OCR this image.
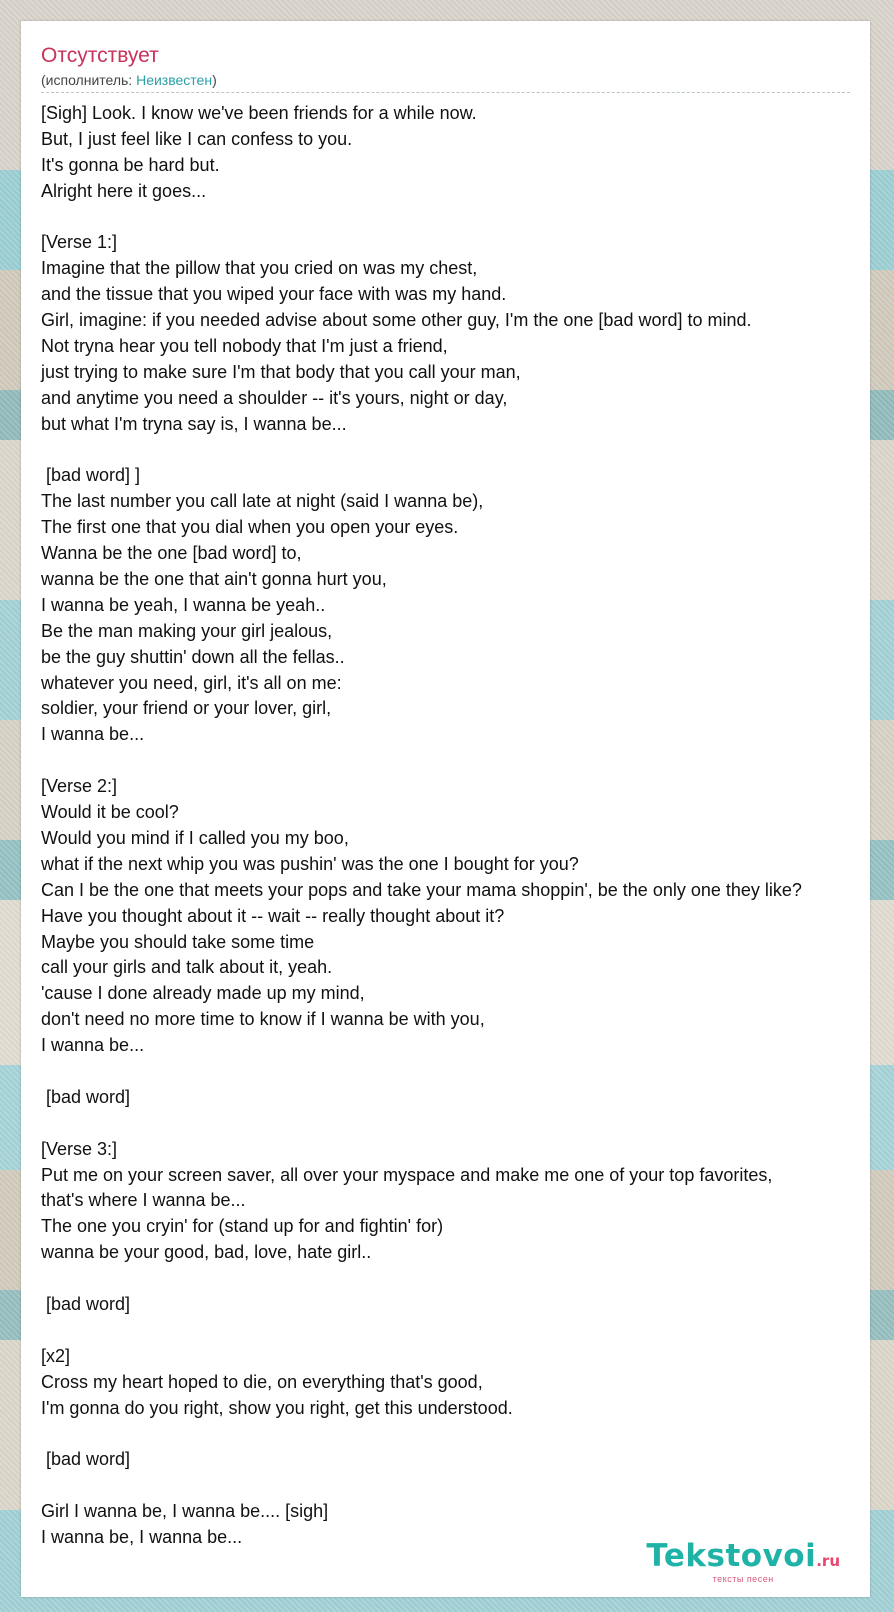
Отсутствует
(исполнитель: Неизвестен)
[Sigh] Look. I know we've been friends for a while now.
But, I just feel like I can confess to you.
It's gonna be hard but.
Alright here it goes...
[Verse 1:]
Imagine that the pillow that you cried on was my chest,
and the tissue that you wiped your face with was my hand.
Girl, imagine: if you needed advise about some other guy, I'm the one [bad word] to mind.
Not tryna hear you tell nobody that I'm just a friend,
just trying to make sure I'm that body that you call your man,
and anytime you need a shoulder -- it's yours, night or day,
but what I'm tryna say is, I wanna be...
[bad word] ]
The last number you call late at night (said I wanna be),
The first one that you dial when you open your eyes.
Wanna be the one [bad word] to,
wanna be the one that ain't gonna hurt you,
I wanna be yeah, I wanna be yeah..
Be the man making your girl jealous,
be the guy shuttin' down all the fellas..
whatever you need, girl, it's all on me:
soldier, your friend or your lover, girl,
I wanna be...
[Verse 2:]
Would it be cool?
Would you mind if I called you my boo,
what if the next whip you was pushin' was the one I bought for you?
Can I be the one that meets your pops and take your mama shoppin', be the only one they like?
Have you thought about it -- wait -- really thought about it?
Maybe you should take some time
call your girls and talk about it, yeah.
'cause I done already made up my mind,
don't need no more time to know if I wanna be with you,
I wanna be...
[bad word]
[Verse 3:]
Put me on your screen saver, all over your myspace and make me one of your top favorites,
that's where I wanna be...
The one you cryin' for (stand up for and fightin' for)
wanna be your good, bad, love, hate girl..
[bad word]
[x2]
Cross my heart hoped to die, on everything that's good,
I'm gonna do you right, show you right, get this understood.
[bad word]
Girl I wanna be, I wanna be.... [sigh]
I wanna be, I wanna be...
Tekstovoi.ru
тексты песен
